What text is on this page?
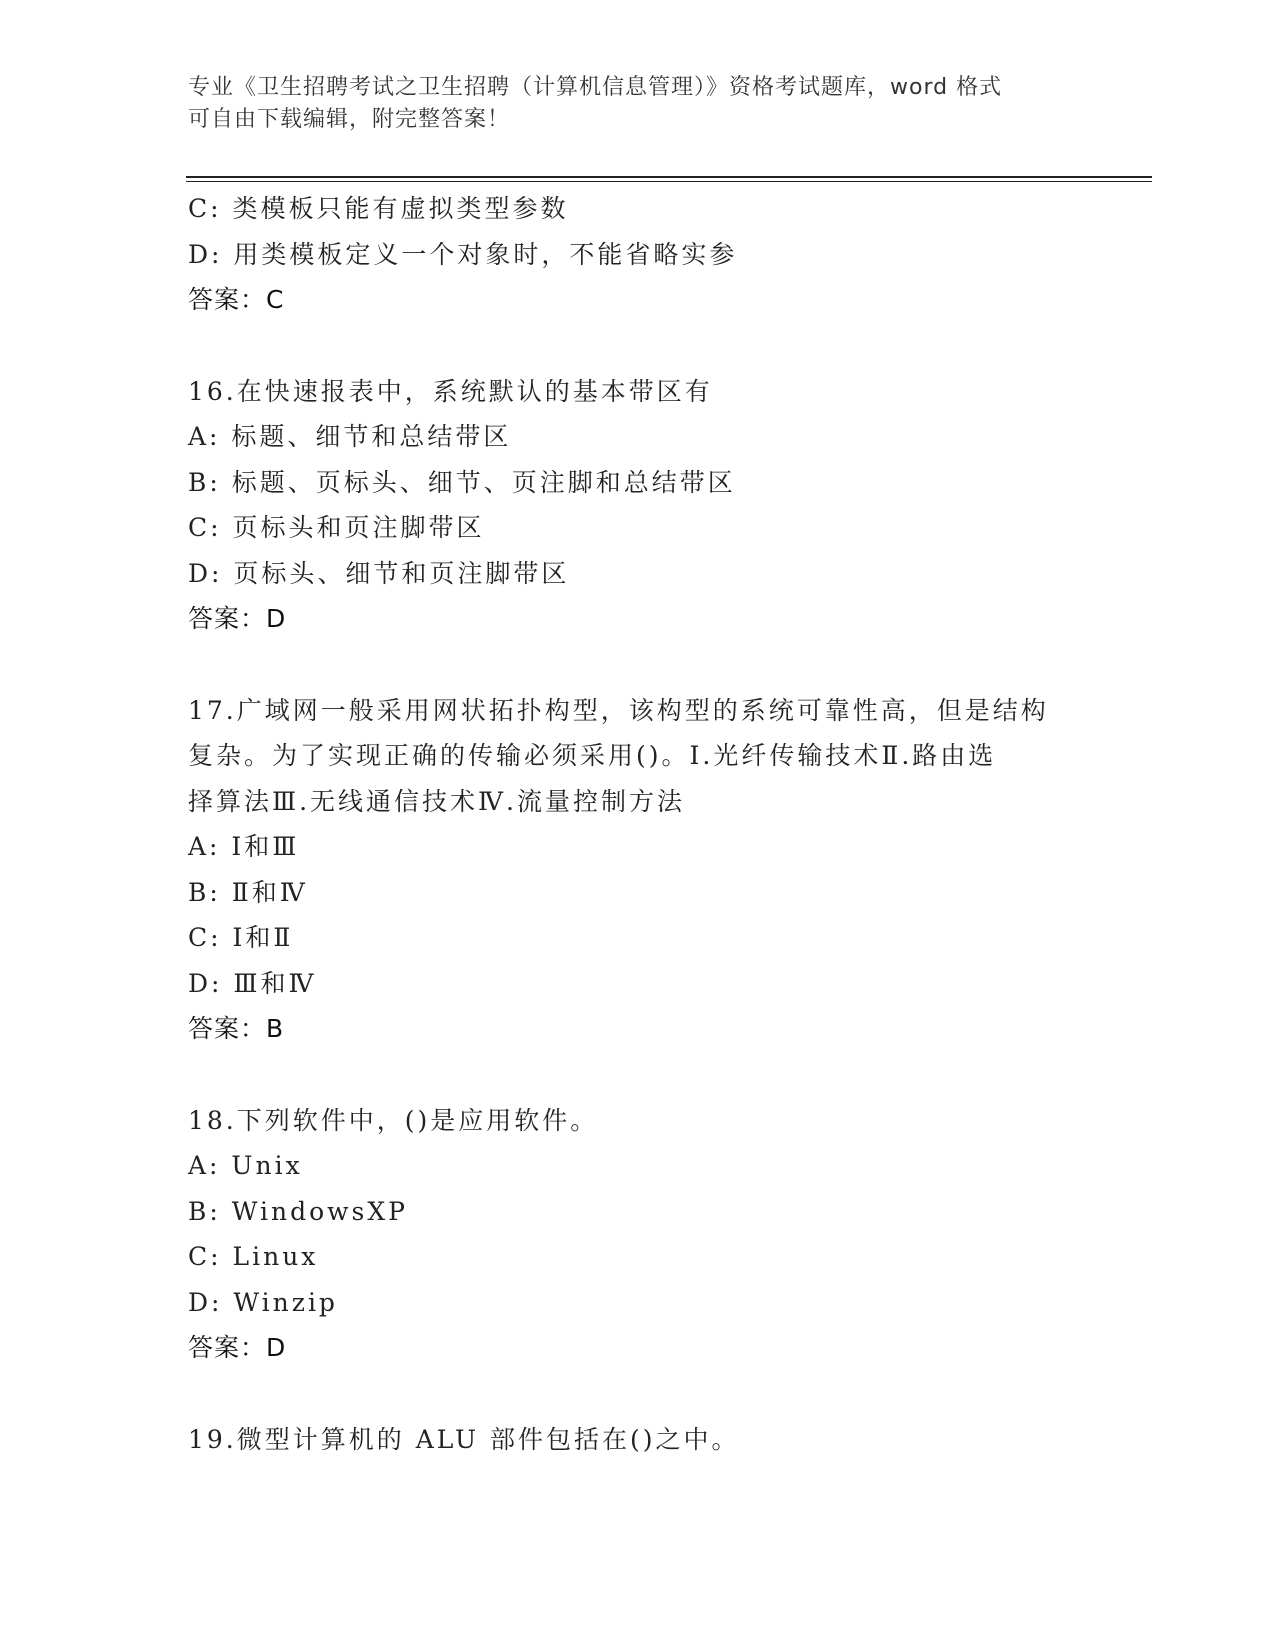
专业《卫生招聘考试之卫生招聘（计算机信息管理）》资格考试题库，word 格式
可自由下载编辑，附完整答案！
C: 类模板只能有虚拟类型参数
D: 用类模板定义一个对象时，不能省略实参
答案：C
16.在快速报表中，系统默认的基本带区有
A: 标题、细节和总结带区
B: 标题、页标头、细节、页注脚和总结带区
C: 页标头和页注脚带区
D: 页标头、细节和页注脚带区
答案：D
17.广域网一般采用网状拓扑构型，该构型的系统可靠性高，但是结构
复杂。为了实现正确的传输必须采用()。Ⅰ.光纤传输技术Ⅱ.路由选
择算法Ⅲ.无线通信技术Ⅳ.流量控制方法
A: Ⅰ和Ⅲ
B: Ⅱ和Ⅳ
C: Ⅰ和Ⅱ
D: Ⅲ和Ⅳ
答案：B
18.下列软件中，()是应用软件。
A: Unix
B: WindowsXP
C: Linux
D: Winzip
答案：D
19.微型计算机的 ALU 部件包括在()之中。
